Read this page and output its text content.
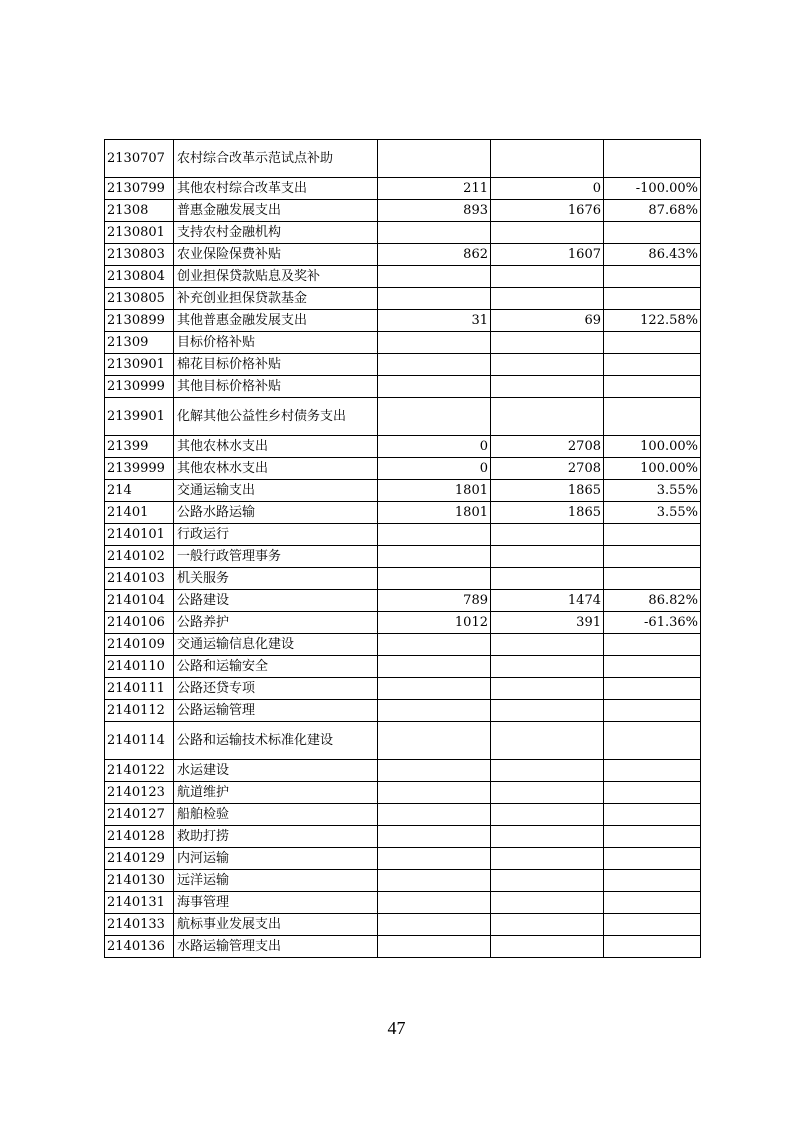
2130707	农村综合改革示范试点补助			
2130799	其他农村综合改革支出	211	0	-100.00%
21308	普惠金融发展支出	893	1676	87.68%
2130801	支持农村金融机构			
2130803	农业保险保费补贴	862	1607	86.43%
2130804	创业担保贷款贴息及奖补			
2130805	补充创业担保贷款基金			
2130899	其他普惠金融发展支出	31	69	122.58%
21309	目标价格补贴			
2130901	棉花目标价格补贴			
2130999	其他目标价格补贴			
2139901	化解其他公益性乡村债务支出			
21399	其他农林水支出	0	2708	100.00%
2139999	其他农林水支出	0	2708	100.00%
214	交通运输支出	1801	1865	3.55%
21401	公路水路运输	1801	1865	3.55%
2140101	行政运行			
2140102	一般行政管理事务			
2140103	机关服务			
2140104	公路建设	789	1474	86.82%
2140106	公路养护	1012	391	-61.36%
2140109	交通运输信息化建设			
2140110	公路和运输安全			
2140111	公路还贷专项			
2140112	公路运输管理			
2140114	公路和运输技术标准化建设			
2140122	水运建设			
2140123	航道维护			
2140127	船舶检验			
2140128	救助打捞			
2140129	内河运输			
2140130	远洋运输			
2140131	海事管理			
2140133	航标事业发展支出			
2140136	水路运输管理支出			
47
